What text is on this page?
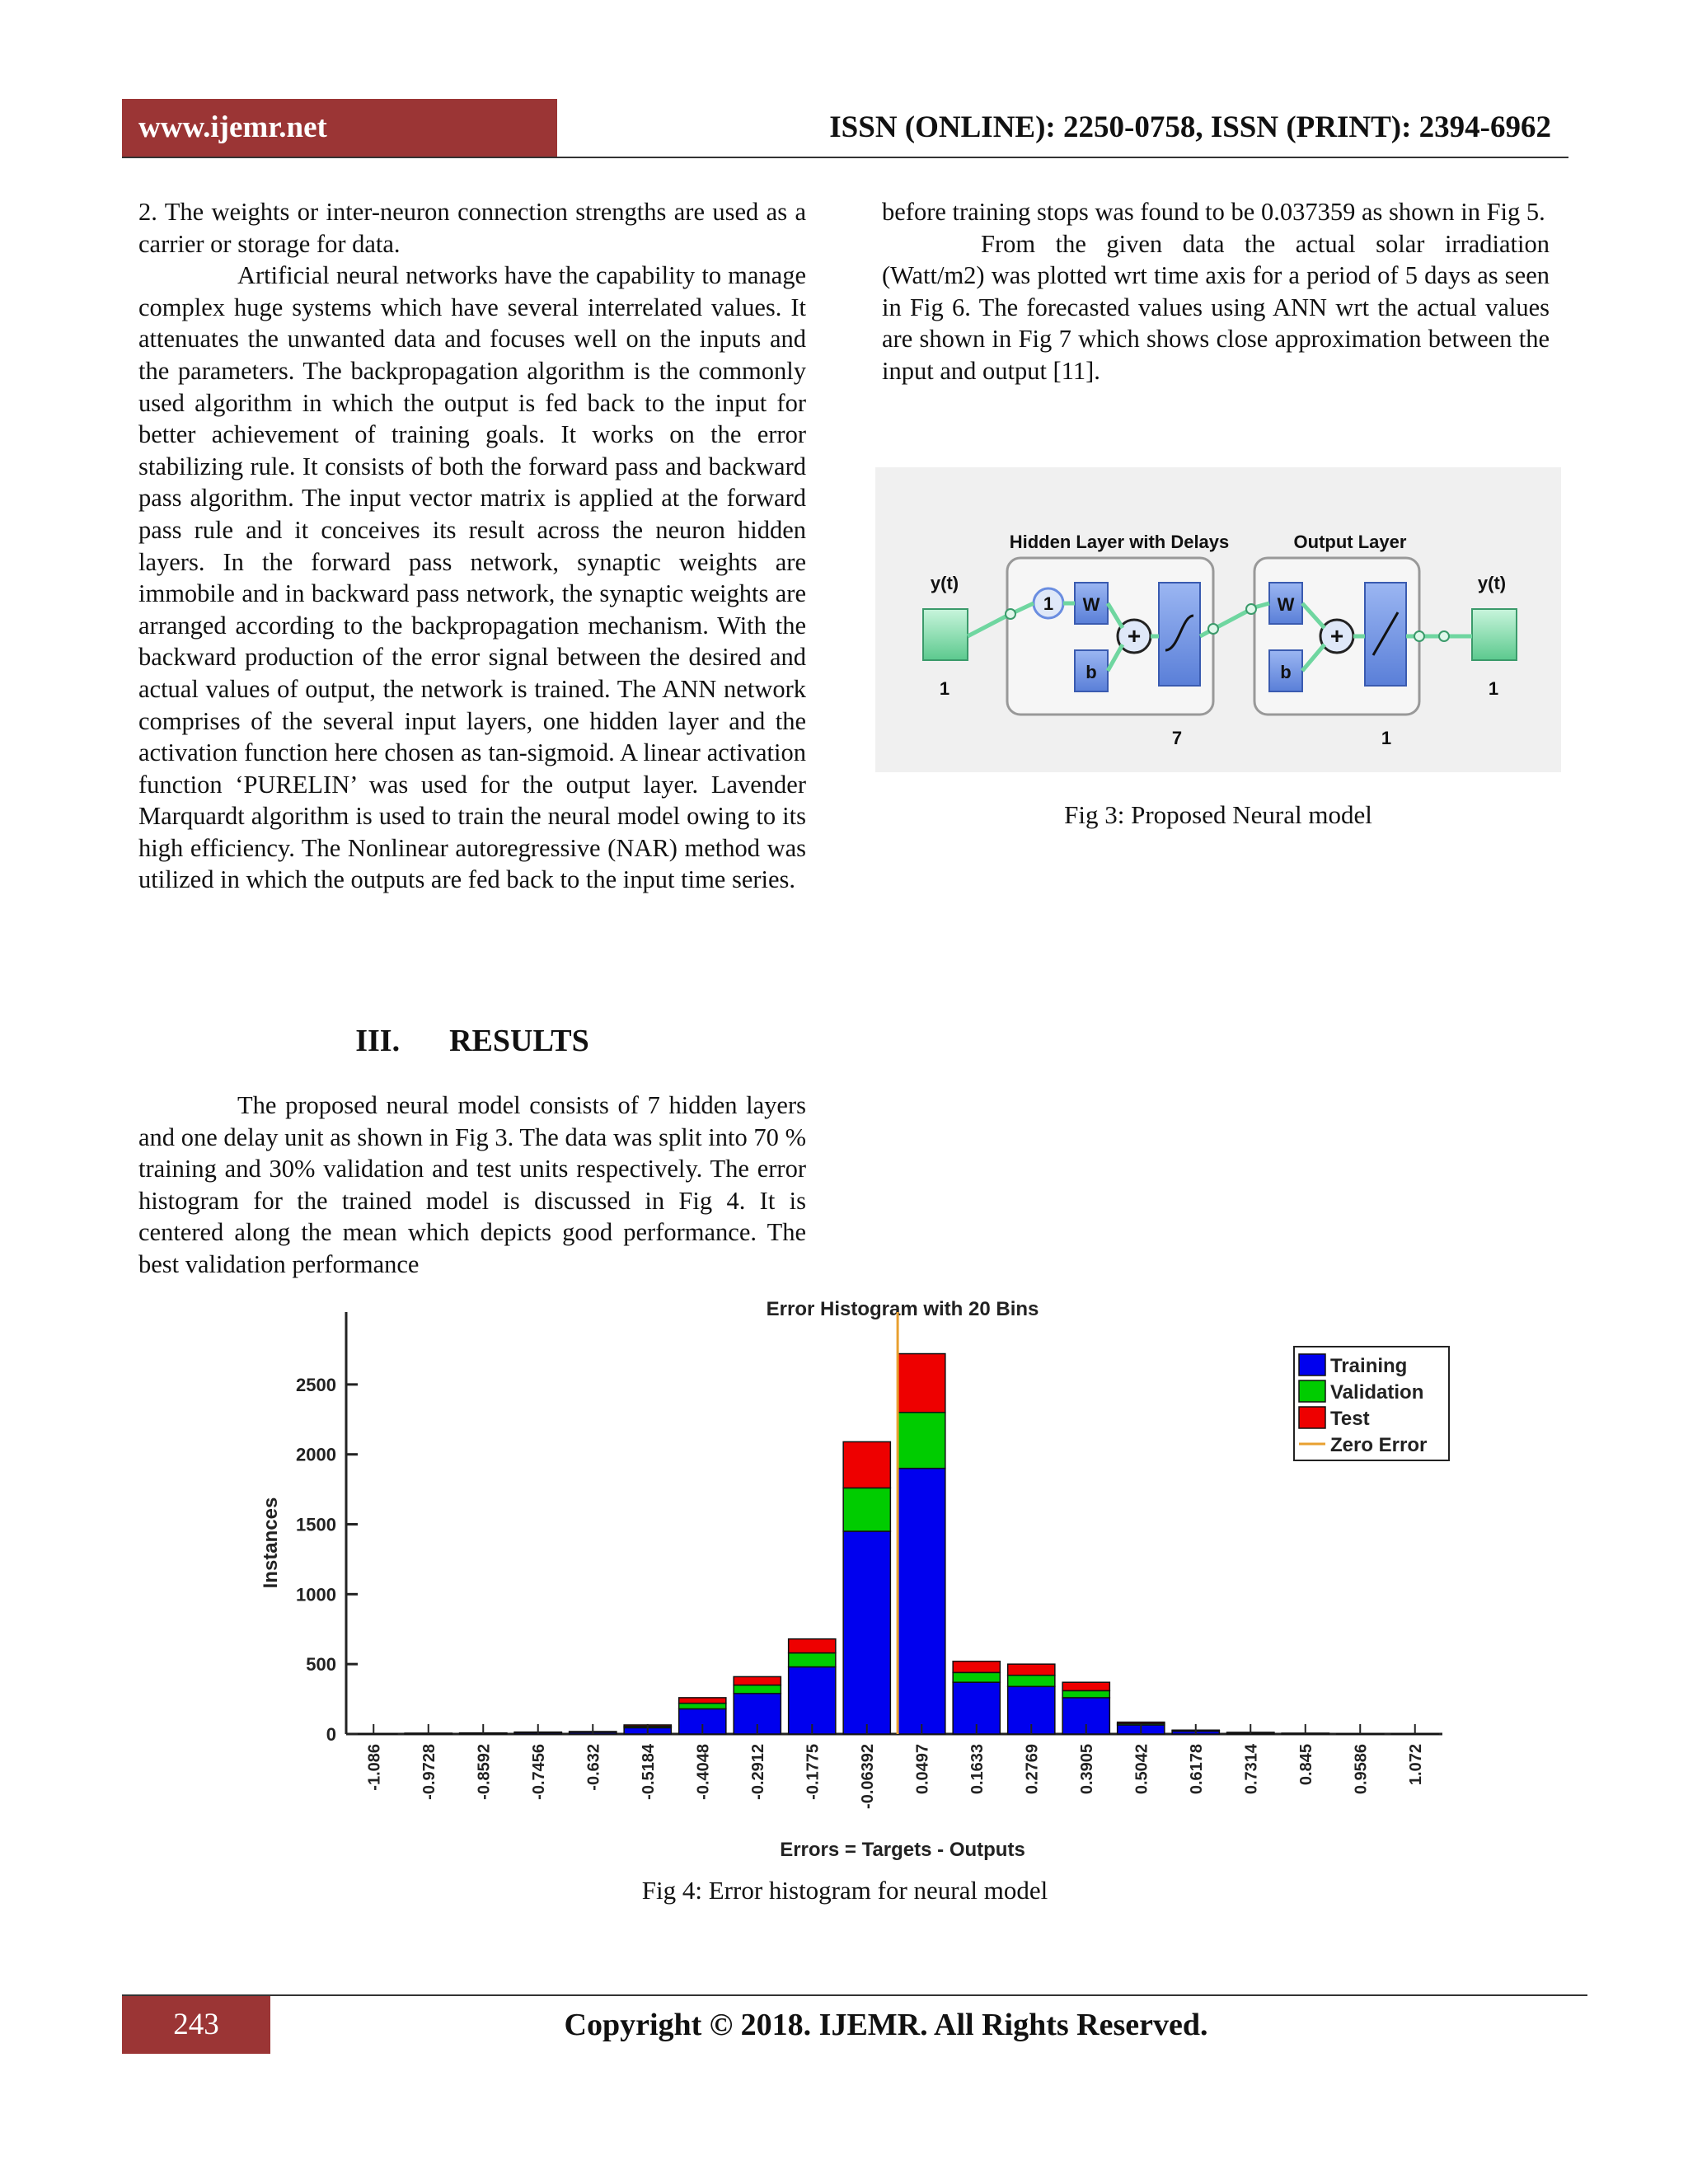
www.ijemr.net	ISSN (ONLINE): 2250-0758, ISSN (PRINT): 2394-6962

2. The weights or inter-neuron connection strengths are used as a carrier or storage for data.

Artificial neural networks have the capability to manage complex huge systems which have several interrelated values. It attenuates the unwanted data and focuses well on the inputs and the parameters. The backpropagation algorithm is the commonly used algorithm in which the output is fed back to the input for better achievement of training goals. It works on the error stabilizing rule. It consists of both the forward pass and backward pass algorithm. The input vector matrix is applied at the forward pass rule and it conceives its result across the neuron hidden layers. In the forward pass network, synaptic weights are immobile and in backward pass network, the synaptic weights are arranged according to the backpropagation mechanism. With the backward production of the error signal between the desired and actual values of output, the network is trained. The ANN network comprises of the several input layers, one hidden layer and the activation function here chosen as tan-sigmoid. A linear activation function ‘PURELIN’ was used for the output layer. Lavender Marquardt algorithm is used to train the neural model owing to its high efficiency. The Nonlinear autoregressive (NAR) method was utilized in which the outputs are fed back to the input time series.

III. RESULTS

The proposed neural model consists of 7 hidden layers and one delay unit as shown in Fig 3. The data was split into 70 % training and 30% validation and test units respectively. The error histogram for the trained model is discussed in Fig 4. It is centered along the mean which depicts good performance. The best validation performance

before training stops was found to be 0.037359 as shown in Fig 5.

From the given data the actual solar irradiation (Watt/m2) was plotted wrt time axis for a period of 5 days as seen in Fig 6. The forecasted values using ANN wrt the actual values are shown in Fig 7 which shows close approximation between the input and output [11].

Hidden Layer with Delays	Output Layer
y(t)	y(t)
1	1
1 W
b
+
7
W
b
+
1
Fig 3: Proposed Neural model
Error Histogram with 20 Bins
Errors = Targets - Outputs
Instances
-1.086 -0.9728 -0.8592 -0.7456 -0.632 -0.5184 -0.4048 -0.2912 -0.1775 -0.06392 0.0497 0.1633 0.2769 0.3905 0.5042 0.6178 0.7314 0.845 0.9586 1.072
0
500
1000
1500
2000
2500
Training
Validation
Test
Zero Error
Fig 4: Error histogram for neural model
243	Copyright © 2018. IJEMR. All Rights Reserved.
